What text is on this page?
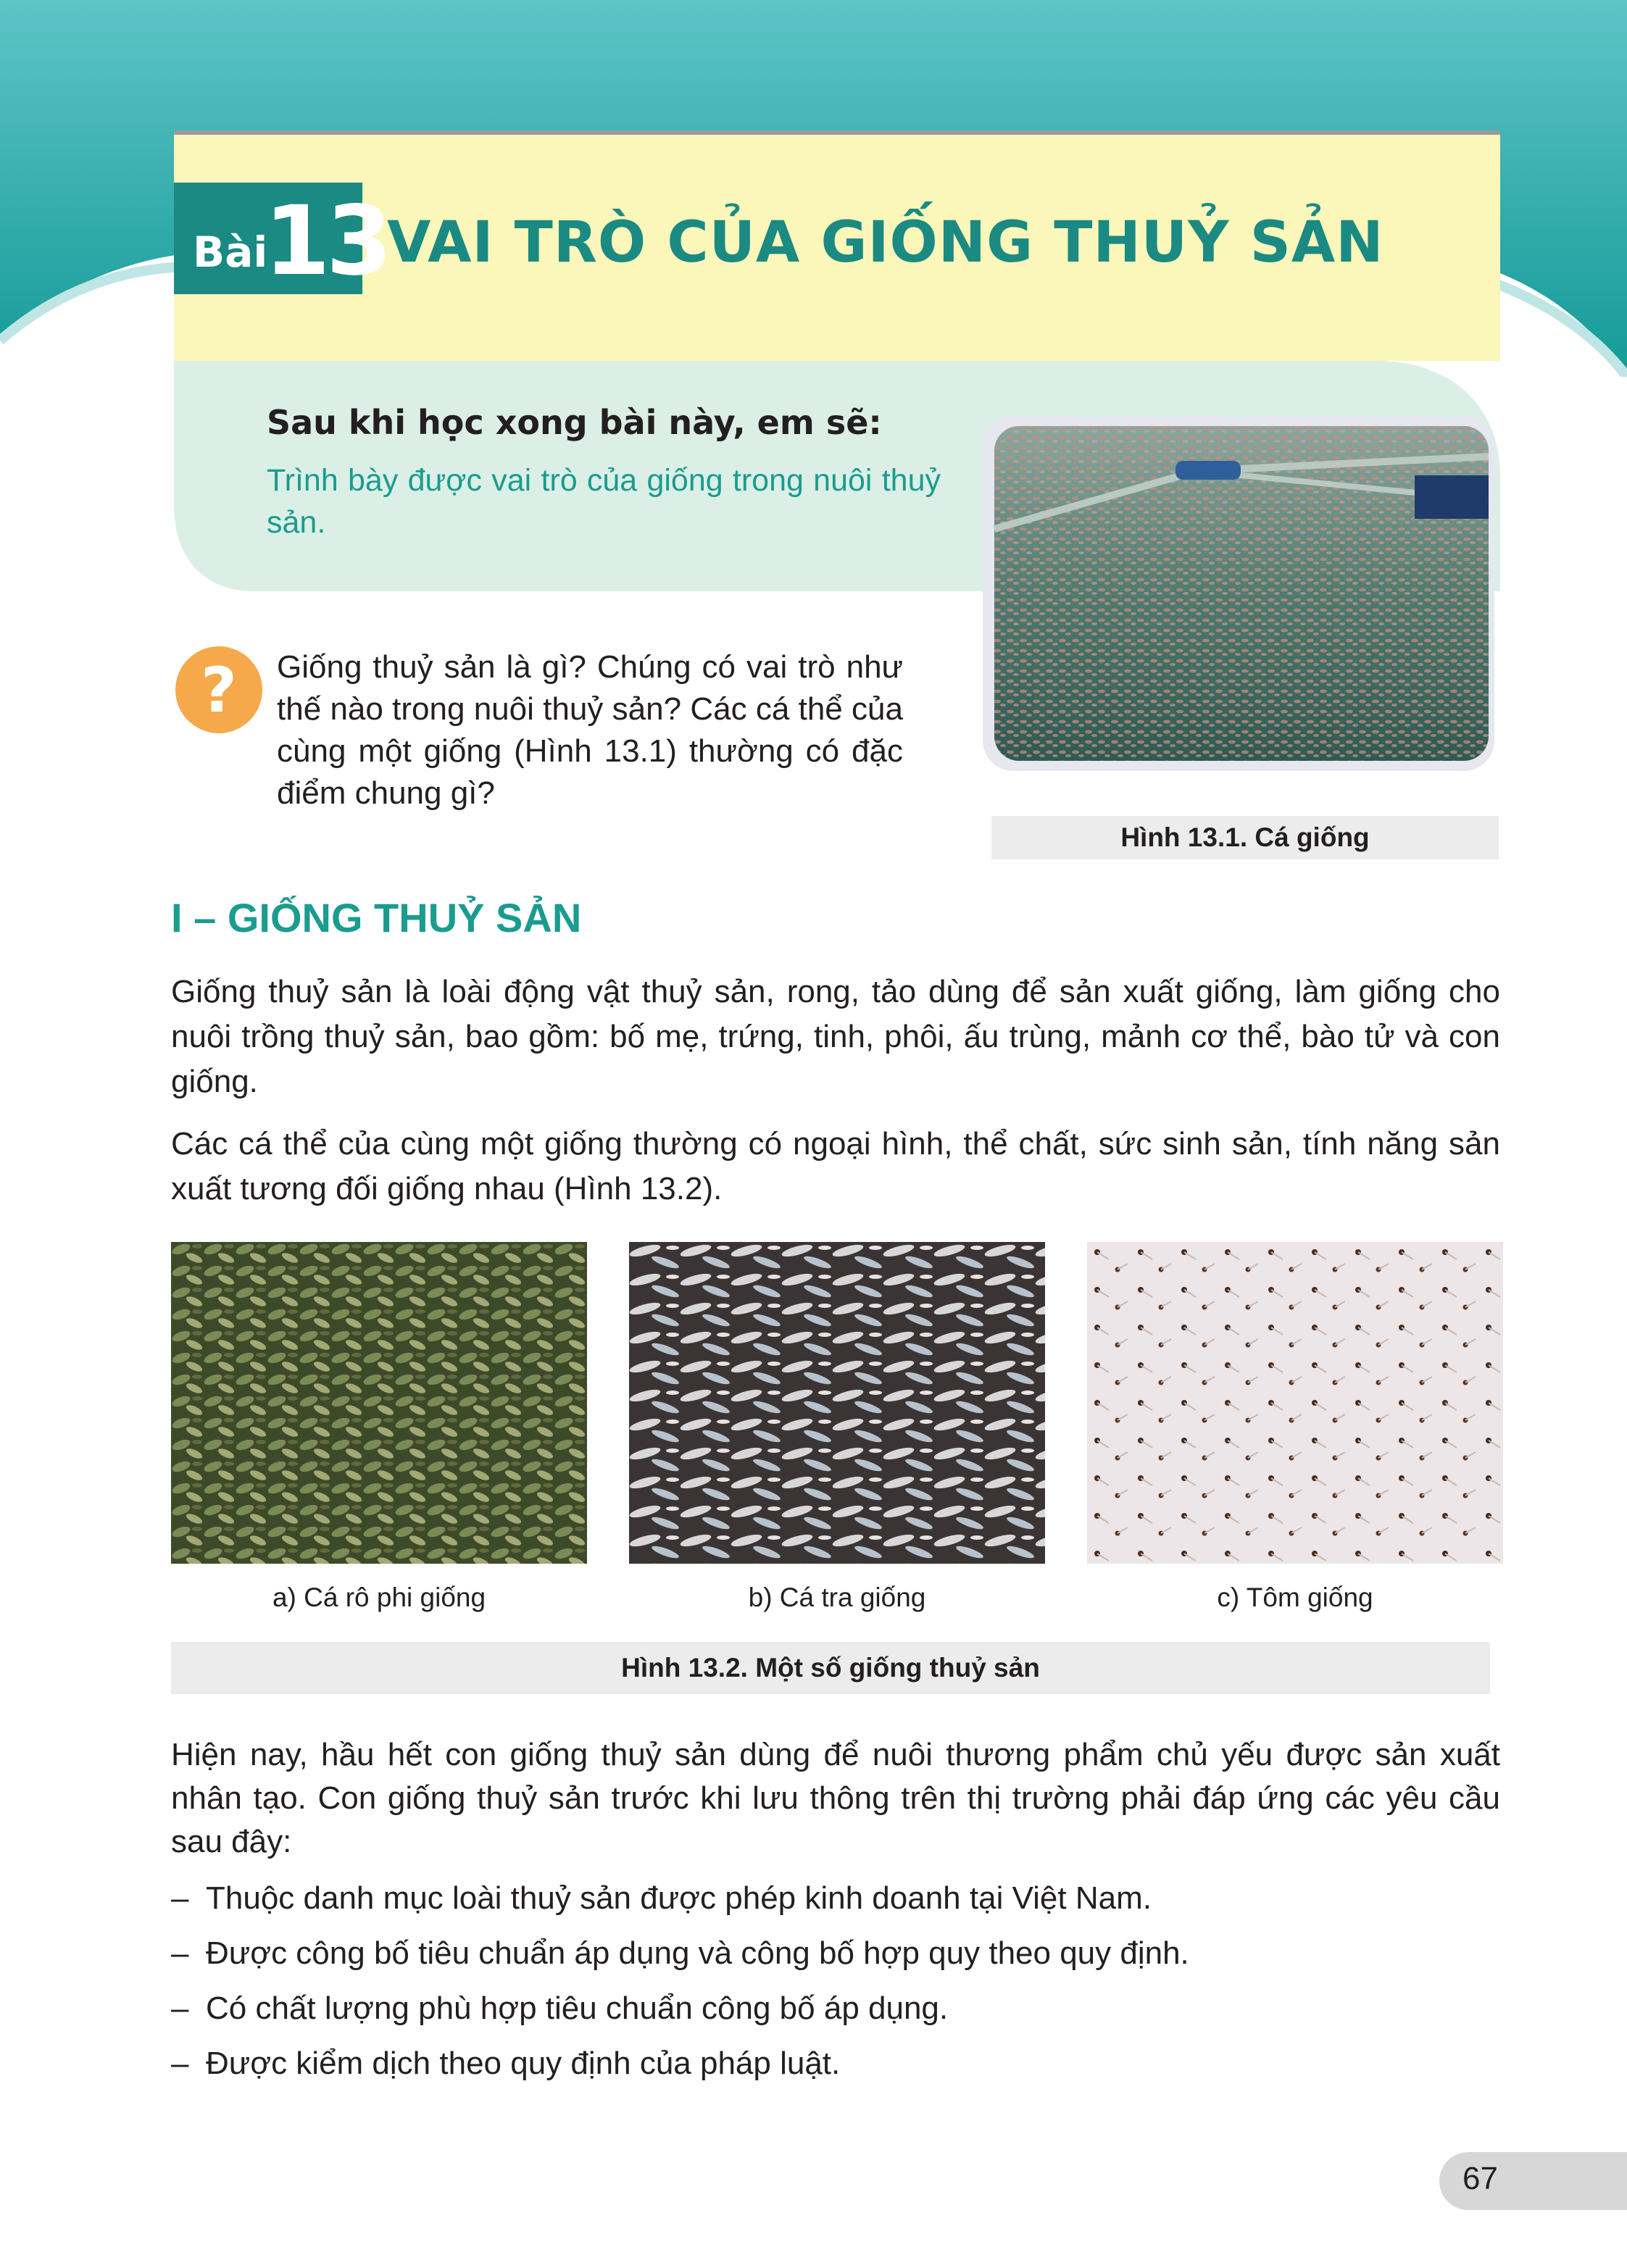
Bài
13
VAI TRÒ CỦA GIỐNG THUỶ SẢN
Sau khi học xong bài này, em sẽ:
Trình bày được vai trò của giống trong nuôi thuỷ sản.
Hình 13.1. Cá giống
? Giống thuỷ sản là gì? Chúng có vai trò như thế nào trong nuôi thuỷ sản? Các cá thể của cùng một giống (Hình 13.1) thường có đặc điểm chung gì?
I – GIỐNG THUỶ SẢN
Giống thuỷ sản là loài động vật thuỷ sản, rong, tảo dùng để sản xuất giống, làm giống cho nuôi trồng thuỷ sản, bao gồm: bố mẹ, trứng, tinh, phôi, ấu trùng, mảnh cơ thể, bào tử và con giống.
Các cá thể của cùng một giống thường có ngoại hình, thể chất, sức sinh sản, tính năng sản xuất tương đối giống nhau (Hình 13.2).
a) Cá rô phi giống	b) Cá tra giống	c) Tôm giống
Hình 13.2. Một số giống thuỷ sản
Hiện nay, hầu hết con giống thuỷ sản dùng để nuôi thương phẩm chủ yếu được sản xuất nhân tạo. Con giống thuỷ sản trước khi lưu thông trên thị trường phải đáp ứng các yêu cầu sau đây:
– Thuộc danh mục loài thuỷ sản được phép kinh doanh tại Việt Nam.
– Được công bố tiêu chuẩn áp dụng và công bố hợp quy theo quy định.
– Có chất lượng phù hợp tiêu chuẩn công bố áp dụng.
– Được kiểm dịch theo quy định của pháp luật.
67
